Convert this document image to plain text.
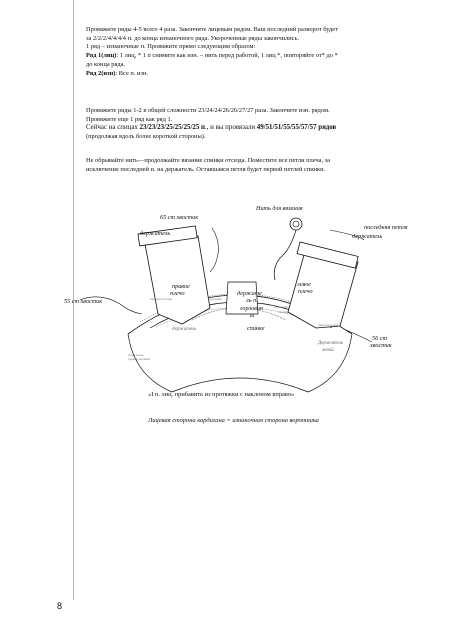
Провяжите ряды 4-5 всего 4 раза. Закончите лицевым рядом. Ваш последний разворот будет

за 2/2/2/4/4/4/4 п. до конца изнаночного ряда. Укороченные ряды закончились.

1 ряд – изнаночные п. Провяжите прямо следующим образом:

Ряд 1(лиц): 1 лиц, * 1 п снимите как изн. – нить перед работой, 1 лиц *, повторяйте от* до *

до конца ряда.

Ряд 2(изн): Все п. изн.

Провяжите ряды 1-2 в общей сложности 23/24/24/26/26/27/27 раза. Закончите изн. рядом.

Провяжите еще 1 ряд как ряд 1.

Сейчас на спицах 23/23/23/25/25/25/25 п., и вы провязали 49/51/51/55/55/57/57 рядов

(продолжая вдоль более короткой стороны).

Не обрывайте нить—продолжайте вязание спинки отсюда. Поместите все петли плеча, за

исключение последней п. на держатель. Оставшаяся петля будет первой петлей спинки.

Нить для вязания
65 cm хвостик
держатель
последняя петля
держатель
правое
плечо
левое
плечо
держате
ль п.
горловин
ы
спинке
55 cm хвостик
56 cm
хвостик
держатель
Держатель
левой
правая полочка
левая полочка
Держатель
правой кромки
воротник
горловина
планка
«I п. лиц. прибавить из протяжки с наклоном вправо»
Лицевая сторона кардигана = изнаночная сторона воротника
8
